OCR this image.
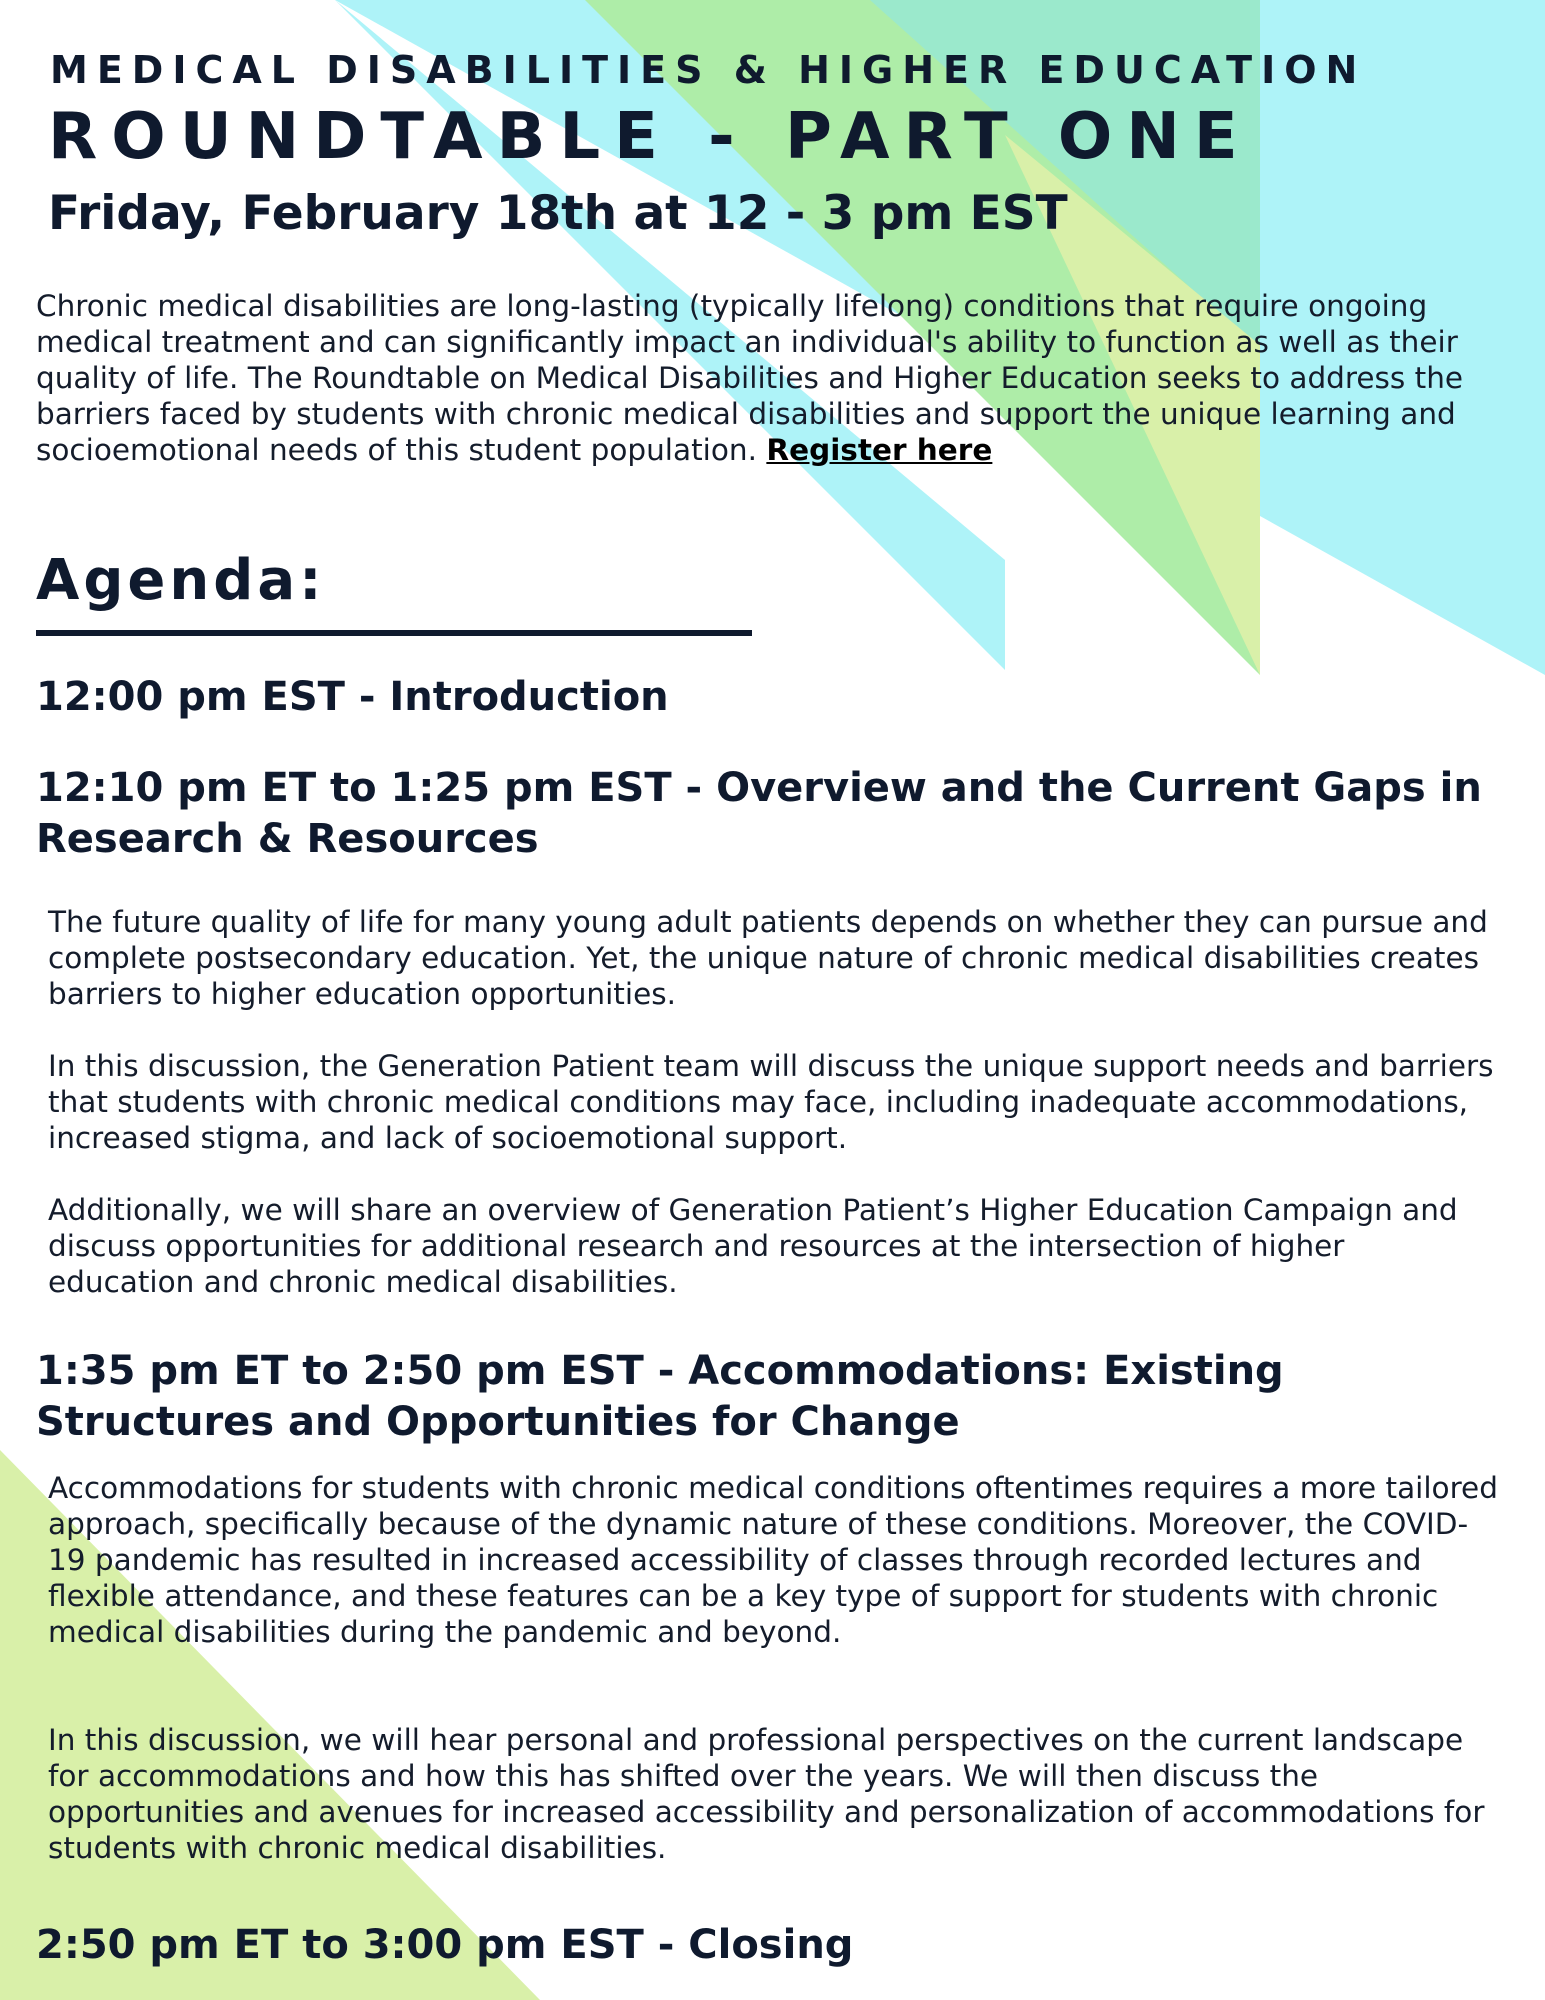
MEDICAL DISABILITIES & HIGHER EDUCATION
ROUNDTABLE - PART ONE
Friday, February 18th at 12 - 3 pm EST

Chronic medical disabilities are long-lasting (typically lifelong) conditions that require ongoing medical treatment and can significantly impact an individual's ability to function as well as their quality of life. The Roundtable on Medical Disabilities and Higher Education seeks to address the barriers faced by students with chronic medical disabilities and support the unique learning and socioemotional needs of this student population. Register here

Agenda:
12:00 pm EST - Introduction
12:10 pm ET to 1:25 pm EST - Overview and the Current Gaps in Research & Resources

The future quality of life for many young adult patients depends on whether they can pursue and complete postsecondary education. Yet, the unique nature of chronic medical disabilities creates barriers to higher education opportunities.

In this discussion, the Generation Patient team will discuss the unique support needs and barriers that students with chronic medical conditions may face, including inadequate accommodations, increased stigma, and lack of socioemotional support.

Additionally, we will share an overview of Generation Patient’s Higher Education Campaign and discuss opportunities for additional research and resources at the intersection of higher education and chronic medical disabilities.

1:35 pm ET to 2:50 pm EST - Accommodations: Existing Structures and Opportunities for Change

Accommodations for students with chronic medical conditions oftentimes requires a more tailored approach, specifically because of the dynamic nature of these conditions. Moreover, the COVID-19 pandemic has resulted in increased accessibility of classes through recorded lectures and flexible attendance, and these features can be a key type of support for students with chronic medical disabilities during the pandemic and beyond.

In this discussion, we will hear personal and professional perspectives on the current landscape for accommodations and how this has shifted over the years. We will then discuss the opportunities and avenues for increased accessibility and personalization of accommodations for students with chronic medical disabilities.

2:50 pm ET to 3:00 pm EST - Closing
